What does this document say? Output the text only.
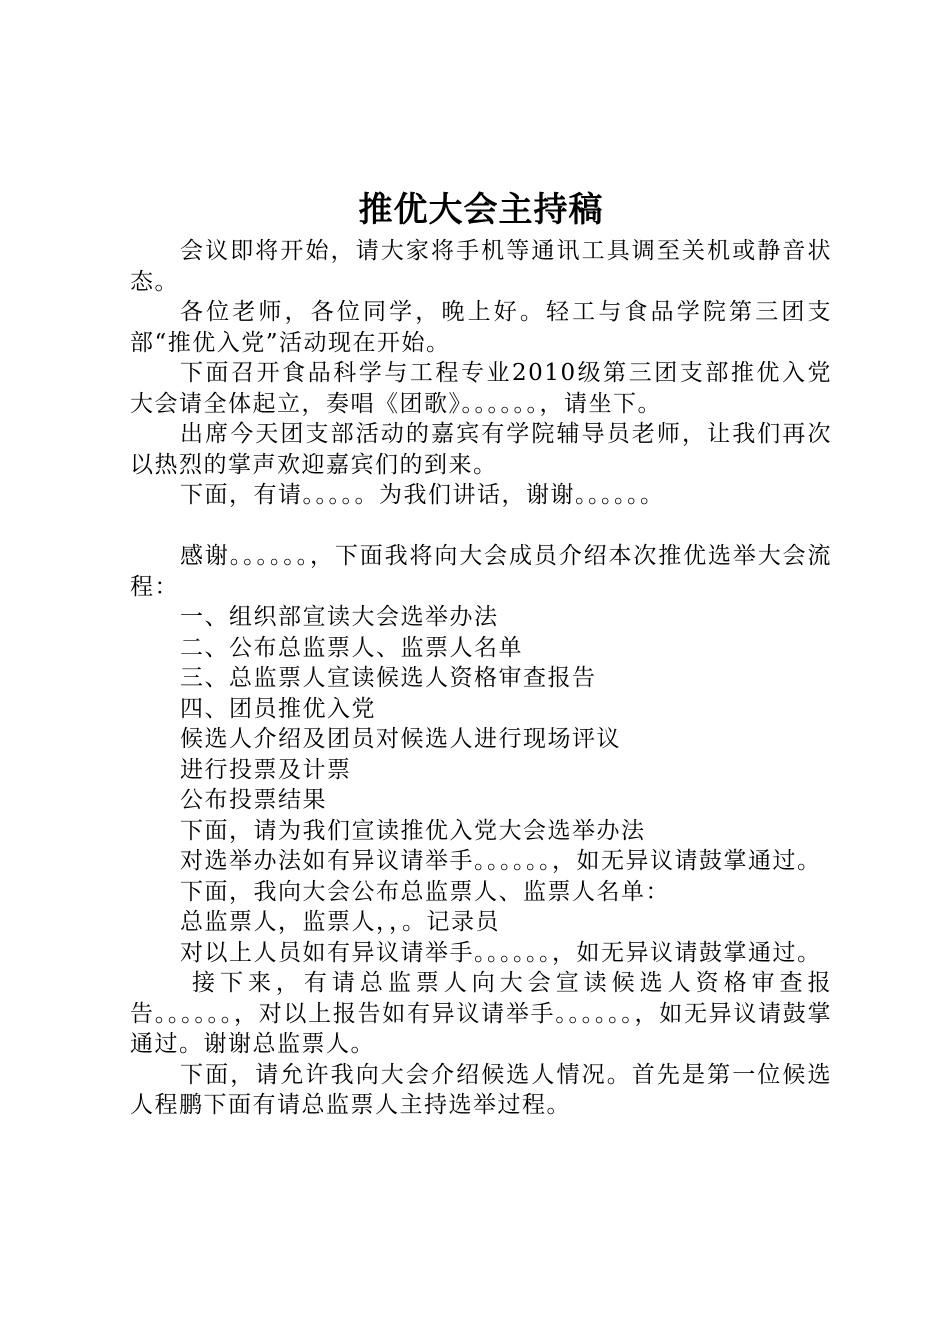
推优大会主持稿

会议即将开始，请大家将手机等通讯工具调至关机或静音状态。

各位老师，各位同学，晚上好。轻工与食品学院第三团支部“推优入党”活动现在开始。

下面召开食品科学与工程专业2010级第三团支部推优入党大会请全体起立，奏唱《团歌》。。。。。。，请坐下。

出席今天团支部活动的嘉宾有学院辅导员老师，让我们再次以热烈的掌声欢迎嘉宾们的到来。

下面，有请。。。。。为我们讲话，谢谢。。。。。。

感谢。。。。。。，下面我将向大会成员介绍本次推优选举大会流程：

一、组织部宣读大会选举办法

二、公布总监票人、监票人名单

三、总监票人宣读候选人资格审查报告

四、团员推优入党

候选人介绍及团员对候选人进行现场评议

进行投票及计票

公布投票结果

下面，请为我们宣读推优入党大会选举办法

对选举办法如有异议请举手。。。。。。，如无异议请鼓掌通过。

下面，我向大会公布总监票人、监票人名单：

总监票人，监票人，，。记录员

对以上人员如有异议请举手。。。。。。，如无异议请鼓掌通过。

接下来，有请总监票人向大会宣读候选人资格审查报告。。。。。。，对以上报告如有异议请举手。。。。。。，如无异议请鼓掌通过。谢谢总监票人。

下面，请允许我向大会介绍候选人情况。首先是第一位候选人程鹏下面有请总监票人主持选举过程。
